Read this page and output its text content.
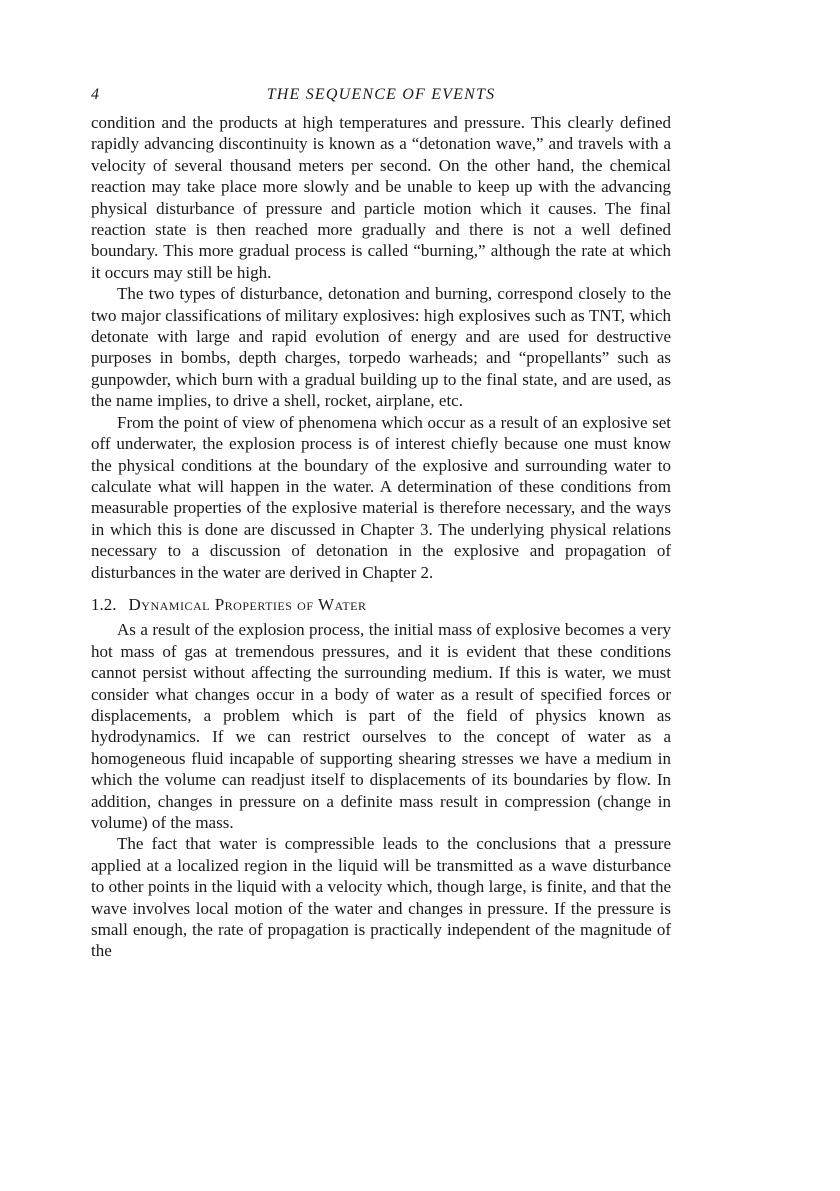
4	THE SEQUENCE OF EVENTS

condition and the products at high temperatures and pressure. This clearly defined rapidly advancing discontinuity is known as a “detonation wave,” and travels with a velocity of several thousand meters per second. On the other hand, the chemical reaction may take place more slowly and be unable to keep up with the advancing physical disturbance of pressure and particle motion which it causes. The final reaction state is then reached more gradually and there is not a well defined boundary. This more gradual process is called “burning,” although the rate at which it occurs may still be high.

The two types of disturbance, detonation and burning, correspond closely to the two major classifications of military explosives: high explosives such as TNT, which detonate with large and rapid evolution of energy and are used for destructive purposes in bombs, depth charges, torpedo warheads; and “propellants” such as gunpowder, which burn with a gradual building up to the final state, and are used, as the name implies, to drive a shell, rocket, airplane, etc.

From the point of view of phenomena which occur as a result of an explosive set off underwater, the explosion process is of interest chiefly because one must know the physical conditions at the boundary of the explosive and surrounding water to calculate what will happen in the water. A determination of these conditions from measurable properties of the explosive material is therefore necessary, and the ways in which this is done are discussed in Chapter 3. The underlying physical relations necessary to a discussion of detonation in the explosive and propagation of disturbances in the water are derived in Chapter 2.

1.2. Dynamical Properties of Water

As a result of the explosion process, the initial mass of explosive becomes a very hot mass of gas at tremendous pressures, and it is evident that these conditions cannot persist without affecting the surrounding medium. If this is water, we must consider what changes occur in a body of water as a result of specified forces or displacements, a problem which is part of the field of physics known as hydrodynamics. If we can restrict ourselves to the concept of water as a homogeneous fluid incapable of supporting shearing stresses we have a medium in which the volume can readjust itself to displacements of its boundaries by flow. In addition, changes in pressure on a definite mass result in compression (change in volume) of the mass.

The fact that water is compressible leads to the conclusions that a pressure applied at a localized region in the liquid will be transmitted as a wave disturbance to other points in the liquid with a velocity which, though large, is finite, and that the wave involves local motion of the water and changes in pressure. If the pressure is small enough, the rate of propagation is practically independent of the magnitude of the
